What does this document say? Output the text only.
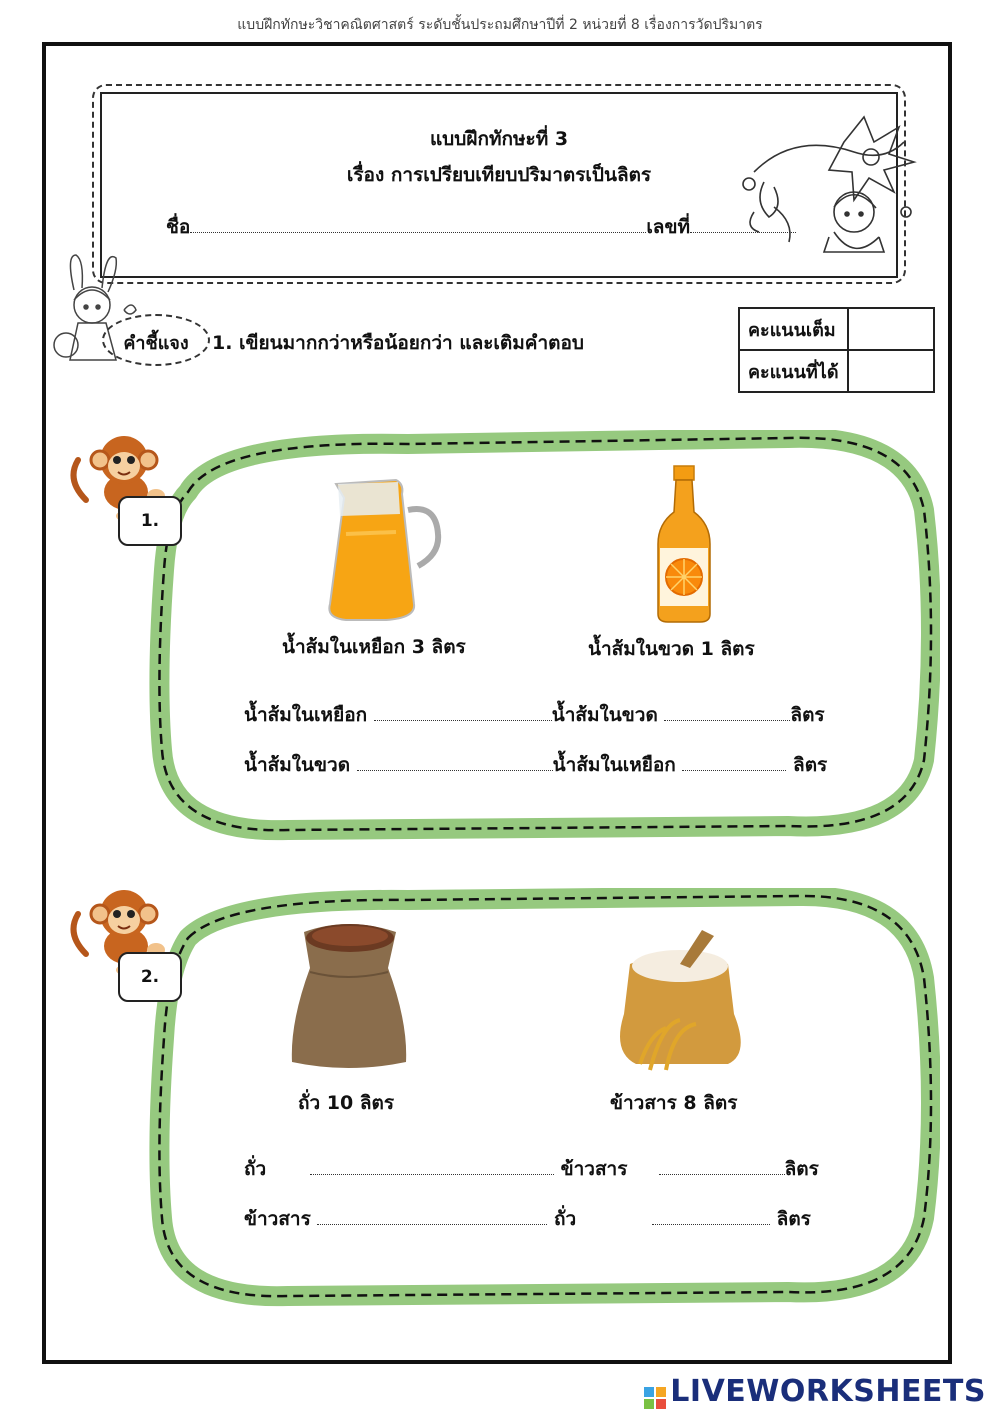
แบบฝึกทักษะวิชาคณิตศาสตร์ ระดับชั้นประถมศึกษาปีที่ 2 หน่วยที่ 8 เรื่องการวัดปริมาตร
แบบฝึกทักษะที่ 3
เรื่อง การเปรียบเทียบปริมาตรเป็นลิตร
ชื่อ	เลขที่
คำชี้แจง	1. เขียนมากกว่าหรือน้อยกว่า และเติมคำตอบ
คะแนนเต็ม	
คะแนนที่ได้	
1.
น้ำส้มในเหยือก 3 ลิตร	น้ำส้มในขวด 1 ลิตร
น้ำส้มในเหยือก	น้ำส้มในขวด	ลิตร
น้ำส้มในขวด	น้ำส้มในเหยือก	ลิตร
2.
ถั่ว 10 ลิตร	ข้าวสาร 8 ลิตร
ถั่ว	ข้าวสาร	ลิตร
ข้าวสาร	ถั่ว	ลิตร
LIVEWORKSHEETS
